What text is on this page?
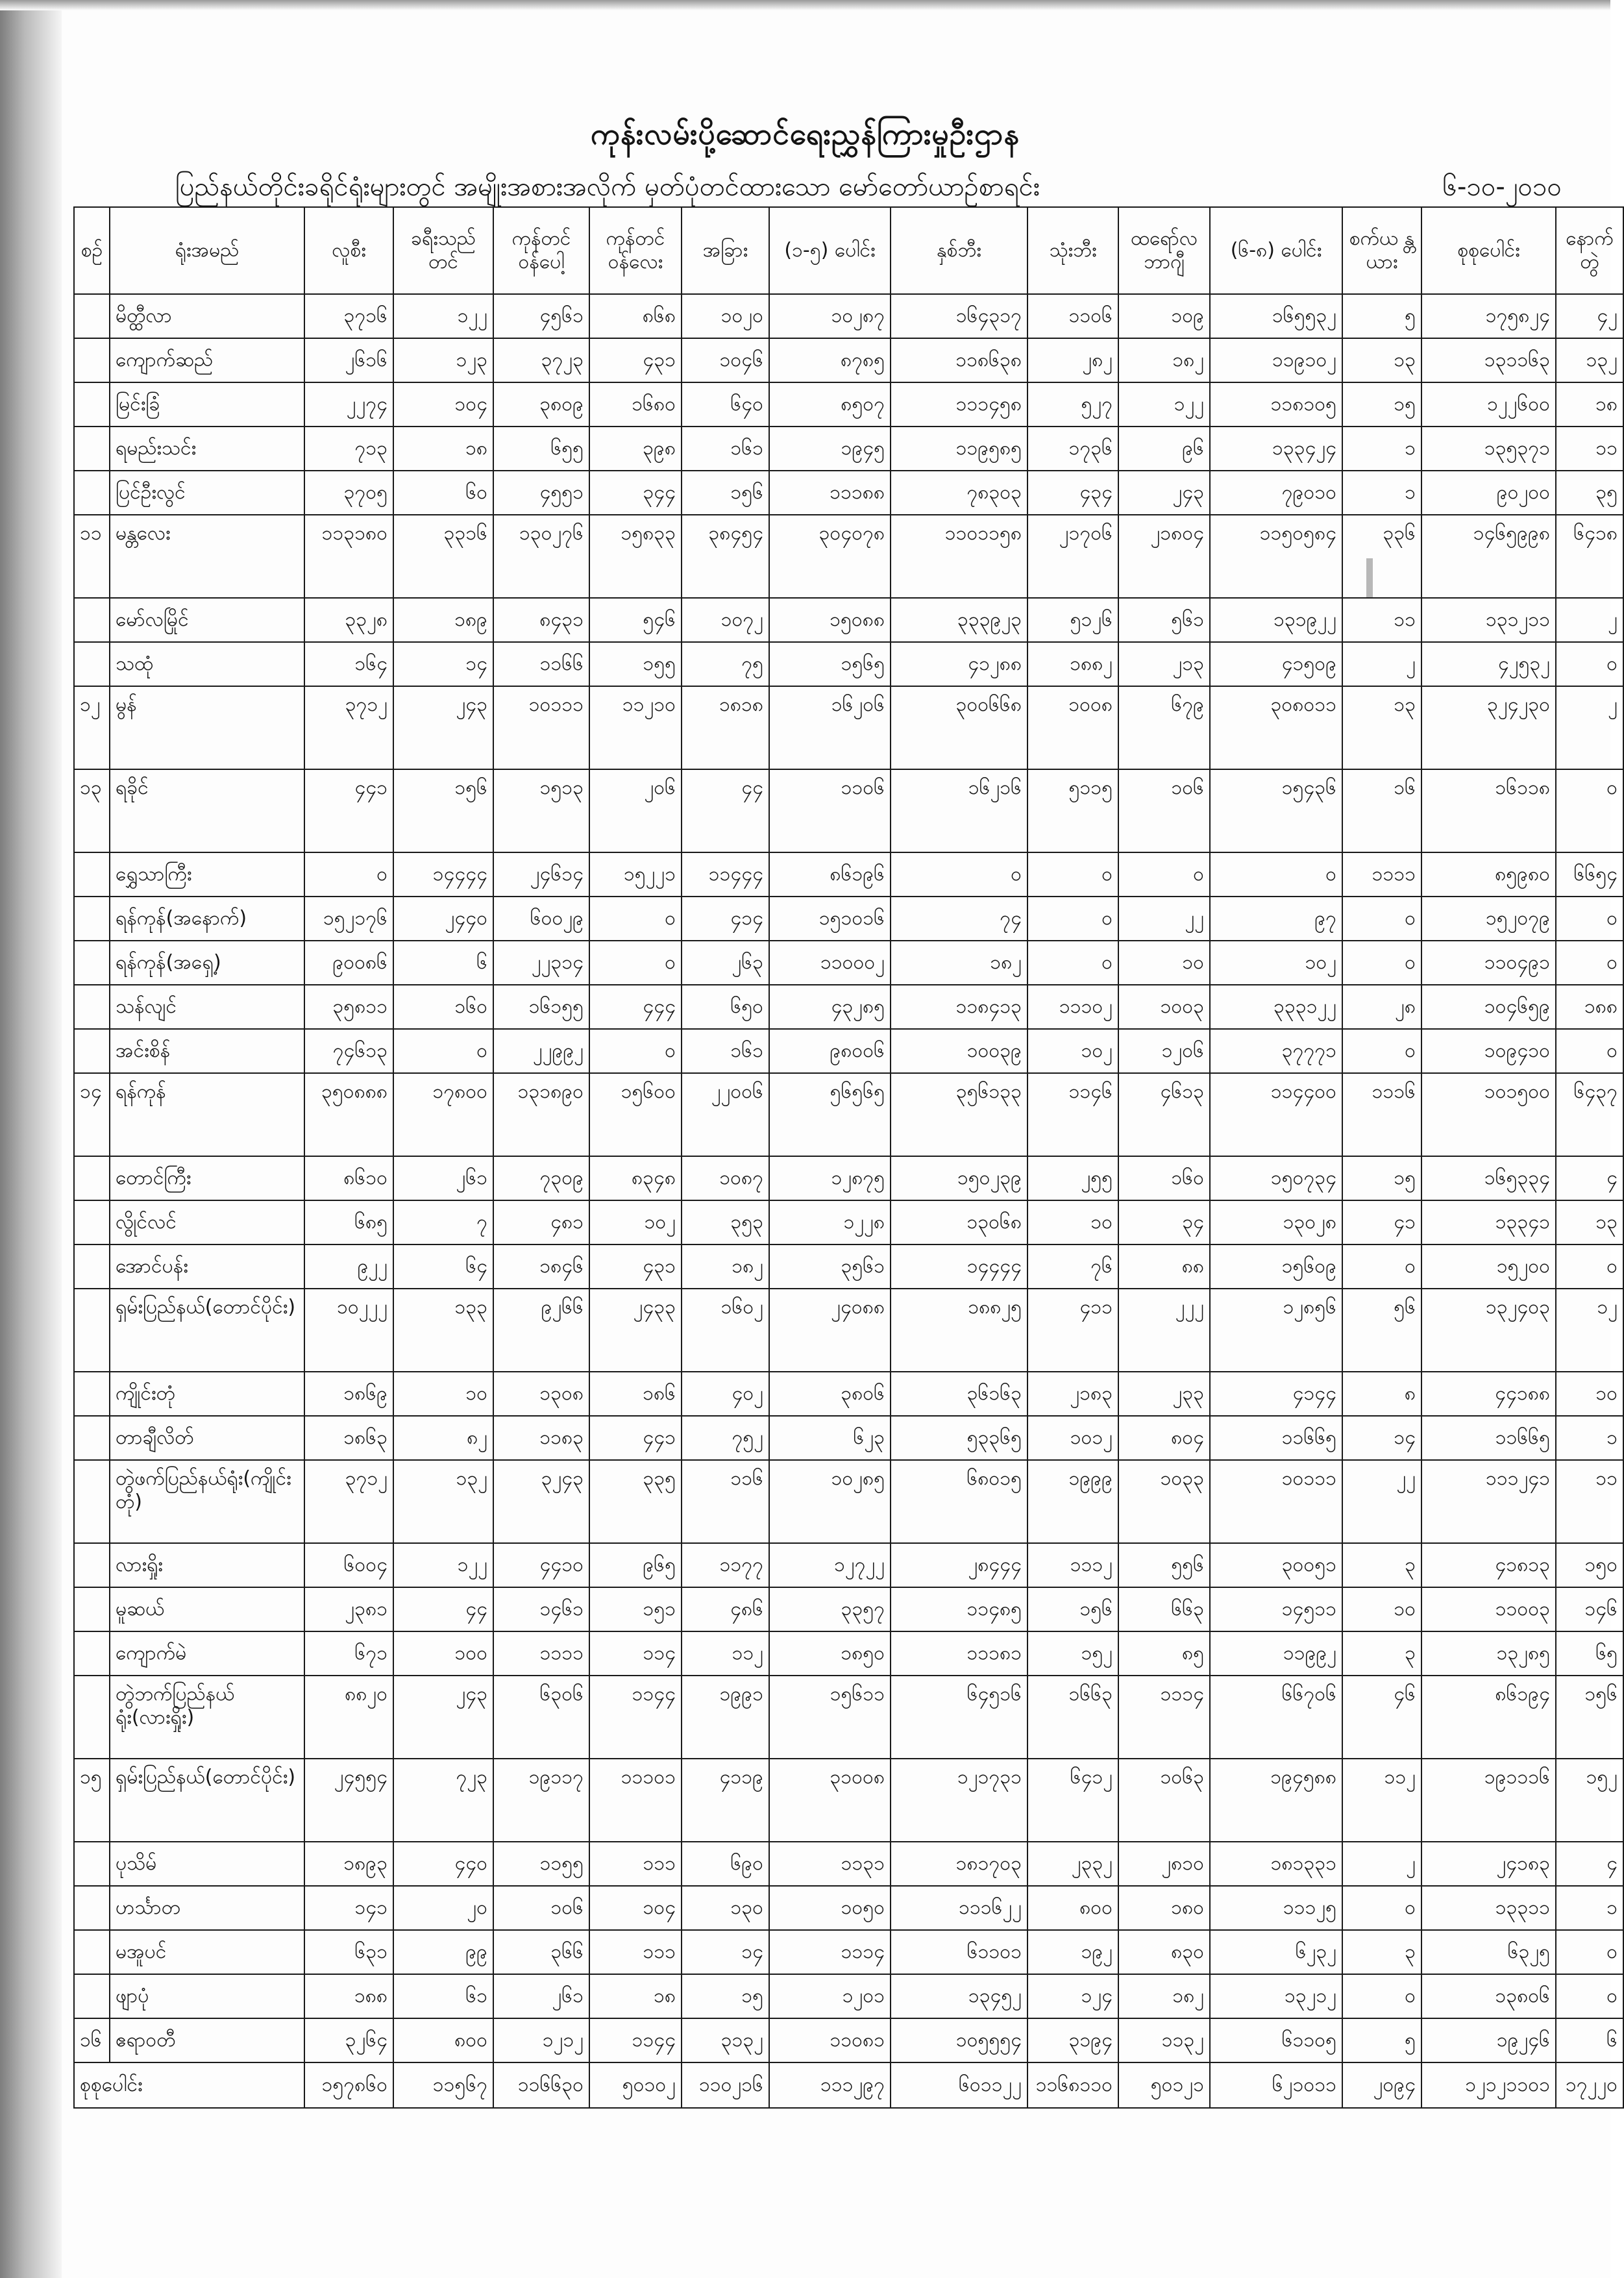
ကုန်းလမ်းပို့ဆောင်ရေးညွှန်ကြားမှုဦးဌာန
ပြည်နယ်တိုင်းခရိုင်ရုံးများတွင် အမျိုးအစားအလိုက် မှတ်ပုံတင်ထားသော မော်တော်ယာဉ်စာရင်း	၆-၁၀-၂၀၁၀
စဉ်	ရုံးအမည်	လူစီး	ခရီးသည် တင်	ကုန်တင် ဝန်ပေါ့	ကုန်တင် ဝန်လေး	အခြား	(၁-၅) ပေါင်း	နှစ်ဘီး	သုံးဘီး	ထရော်လ ဘာဂျီ	(၆-၈) ပေါင်း	စက်ယ န္တယား	စုစုပေါင်း	နောက်တွဲ
	မိတ္ထီလာ	၃၇၁၆	၁၂၂	၄၅၆၁	၈၆၈	၁၀၂၀	၁၀၂၈၇	၁၆၄၃၁၇	၁၁၀၆	၁၀၉	၁၆၅၅၃၂	၅	၁၇၅၈၂၄	၄၂
	ကျောက်ဆည်	၂၆၁၆	၁၂၃	၃၇၂၃	၄၃၁	၁၀၄၆	၈၇၈၅	၁၁၈၆၃၈	၂၈၂	၁၈၂	၁၁၉၁၀၂	၁၃	၁၃၁၁၆၃	၁၃၂
	မြင်းခြံ	၂၂၇၄	၁၀၄	၃၈၀၉	၁၆၈၀	၆၄၀	၈၅၀၇	၁၁၁၄၅၈	၅၂၇	၁၂၂	၁၁၈၁၀၅	၁၅	၁၂၂၆၀၀	၁၈
	ရမည်းသင်း	၇၁၃	၁၈	၆၅၅	၃၉၈	၁၆၁	၁၉၄၅	၁၁၉၅၈၅	၁၇၃၆	၉၆	၁၃၃၄၂၄	၁	၁၃၅၃၇၁	၁၁
	ပြင်ဦးလွင်	၃၇၀၅	၆၀	၄၅၅၁	၃၄၄	၁၅၆	၁၁၁၈၈	၇၈၃၀၃	၄၃၄	၂၄၃	၇၉၀၁၀	၁	၉၀၂၀၀	၃၅
၁၁	မန္တလေး	၁၁၃၁၈၀	၃၃၁၆	၁၃၀၂၇၆	၁၅၈၃၃	၃၈၄၅၄	၃၀၄၀၇၈	၁၁၀၁၁၅၈	၂၁၇၀၆	၂၁၈၀၄	၁၁၅၀၅၈၄	၃၃၆	၁၄၆၅၉၉၈	၆၄၁၈
	မော်လမြိုင်	၃၃၂၈	၁၈၉	၈၄၃၁	၅၄၆	၁၀၇၂	၁၅၀၈၈	၃၃၃၉၂၃	၅၁၂၆	၅၆၁	၁၃၁၉၂၂	၁၁	၁၃၁၂၁၁	၂
	သထုံ	၁၆၄	၁၄	၁၁၆၆	၁၅၅	၇၅	၁၅၆၅	၄၁၂၈၈	၁၈၈၂	၂၁၃	၄၁၅၀၉	၂	၄၂၅၃၂	၀
၁၂	မွန်	၃၇၁၂	၂၄၃	၁၀၁၁၁	၁၁၂၁၀	၁၈၁၈	၁၆၂၀၆	၃၀၀၆၆၈	၁၀၀၈	၆၇၉	၃၀၈၀၁၁	၁၃	၃၂၄၂၃၀	၂
၁၃	ရခိုင်	၄၄၁	၁၅၆	၁၅၁၃	၂၀၆	၄၄	၁၁၀၆	၁၆၂၁၆	၅၁၁၅	၁၀၆	၁၅၄၃၆	၁၆	၁၆၁၁၈	၀
	ရွှေသာကြီး	၀	၁၄၄၄၄	၂၄၆၁၄	၁၅၂၂၁	၁၁၄၄၄	၈၆၁၉၆	၀	၀	၀	၀	၁၁၁၁	၈၅၉၈၀	၆၆၅၄
	ရန်ကုန်(အနောက်)	၁၅၂၁၇၆	၂၄၄၀	၆၀၀၂၉	၀	၄၁၄	၁၅၁၀၁၆	၇၄	၀	၂၂	၉၇	၀	၁၅၂၀၇၉	၀
	ရန်ကုန်(အရှေ့)	၉၀၀၈၆	၆	၂၂၃၁၄	၀	၂၆၃	၁၁၀၀၀၂	၁၈၂	၀	၁၀	၁၀၂	၀	၁၁၀၄၉၁	၀
	သန်လျင်	၃၅၈၁၁	၁၆၀	၁၆၁၅၅	၄၄၄	၆၅၀	၄၃၂၈၅	၁၁၈၄၁၃	၁၁၁၀၂	၁၀၀၃	၃၃၃၁၂၂	၂၈	၁၀၄၆၅၉	၁၈၈
	အင်းစိန်	၇၄၆၁၃	၀	၂၂၉၉၂	၀	၁၆၁	၉၈၀၀၆	၁၀၀၃၉	၁၀၂	၁၂၀၆	၃၇၇၇၁	၀	၁၀၉၄၁၀	၀
၁၄	ရန်ကုန်	၃၅၀၈၈၈	၁၇၈၀၀	၁၃၁၈၉၀	၁၅၆၀၀	၂၂၀၀၆	၅၆၅၆၅	၃၅၆၁၃၃	၁၁၄၆	၄၆၁၃	၁၁၄၄၀၀	၁၁၁၆	၁၀၁၅၀၀	၆၄၃၇
	တောင်ကြီး	၈၆၁၀	၂၆၁	၇၃၀၉	၈၃၄၈	၁၀၈၇	၁၂၈၇၅	၁၅၀၂၃၉	၂၅၅	၁၆၀	၁၅၀၇၃၄	၁၅	၁၆၅၃၃၄	၄
	လွိုင်လင်	၆၈၅	၇	၄၈၁	၁၀၂	၃၅၃	၁၂၂၈	၁၃၀၆၈	၁၀	၃၄	၁၃၀၂၈	၄၁	၁၃၃၄၁	၁၃
	အောင်ပန်း	၉၂၂	၆၄	၁၈၄၆	၄၃၁	၁၈၂	၃၅၆၁	၁၄၄၄၄	၇၆	၈၈	၁၅၆၀၉	၀	၁၅၂၀၀	၀
	ရှမ်းပြည်နယ်(တောင်ပိုင်း)	၁၀၂၂၂	၁၃၃	၉၂၆၆	၂၄၃၃	၁၆၀၂	၂၄၀၈၈	၁၈၈၂၅	၄၁၁	၂၂၂	၁၂၈၅၆	၅၆	၁၃၂၄၀၃	၁၂
	ကျိုင်းတုံ	၁၈၆၉	၁၀	၁၃၀၈	၁၈၆	၄၀၂	၃၈၀၆	၃၆၁၆၃	၂၁၈၃	၂၃၃	၄၁၄၄	၈	၄၄၁၈၈	၁၀
	တာချီလိတ်	၁၈၆၃	၈၂	၁၁၈၃	၄၄၁	၇၅၂	၆၂၃	၅၃၃၆၅	၁၀၁၂	၈၀၄	၁၁၆၆၅	၁၄	၁၁၆၆၅	၁
	တွဲဖက်ပြည်နယ်ရုံး(ကျိုင်းတုံ)	၃၇၁၂	၁၃၂	၃၂၄၃	၃၃၅	၁၁၆	၁၀၂၈၅	၆၈၀၁၅	၁၉၉၉	၁၀၃၃	၁၀၁၁၁	၂၂	၁၁၁၂၄၁	၁၁
	လားရှိုး	၆၀၀၄	၁၂၂	၄၄၁၀	၉၆၅	၁၁၇၇	၁၂၇၂၂	၂၈၄၄၄	၁၁၁၂	၅၅၆	၃၀၀၅၁	၃	၄၁၈၁၃	၁၅၀
	မူဆယ်	၂၃၈၁	၄၄	၁၄၆၁	၁၅၁	၄၈၆	၃၃၅၇	၁၁၄၈၅	၁၅၆	၆၆၃	၁၄၅၁၁	၁၀	၁၁၀၀၃	၁၄၆
	ကျောက်မဲ	၆၇၁	၁၀၀	၁၁၁၁	၁၁၄	၁၁၂	၁၈၅၀	၁၁၁၈၁	၁၅၂	၈၅	၁၁၉၉၂	၃	၁၃၂၈၅	၆၅
	တွဲဘက်ပြည်နယ်ရုံး(လားရှိုး)	၈၈၂၀	၂၄၃	၆၃၀၆	၁၁၄၄	၁၉၉၁	၁၅၆၁၁	၆၄၅၁၆	၁၆၆၃	၁၁၁၄	၆၆၇၀၆	၄၆	၈၆၁၉၄	၁၅၆
၁၅	ရှမ်းပြည်နယ်(တောင်ပိုင်း)	၂၄၅၅၄	၇၂၃	၁၉၁၁၇	၁၁၁၀၁	၄၁၁၉	၃၁၀၀၈	၁၂၁၇၃၁	၆၄၁၂	၁၀၆၃	၁၉၄၅၈၈	၁၁၂	၁၉၁၁၁၆	၁၅၂
	ပုသိမ်	၁၈၉၃	၄၄၀	၁၁၅၅	၁၁၁	၆၉၀	၁၁၃၁	၁၈၁၇၀၃	၂၃၃၂	၂၈၁၀	၁၈၁၃၃၁	၂	၂၄၁၈၃	၄
	ဟင်္သာတ	၁၄၁	၂၀	၁၀၆	၁၀၄	၁၃၀	၁၀၅၀	၁၁၁၆၂၂	၈၀၀	၁၈၀	၁၁၁၂၅	၀	၁၃၃၁၁	၁
	မအူပင်	၆၃၁	၉၉	၃၆၆	၁၁၁	၁၄	၁၁၁၄	၆၁၁၀၁	၁၉၂	၈၃၀	၆၂၃၂	၃	၆၃၂၅	၀
	ဖျာပုံ	၁၈၈	၆၁	၂၆၁	၁၈	၁၅	၁၂၀၁	၁၃၄၅၂	၁၂၄	၁၈၂	၁၃၂၁၂	၀	၁၃၈၀၆	၀
၁၆	ဧရာဝတီ	၃၂၆၄	၈၀၀	၁၂၁၂	၁၁၄၄	၃၁၃၂	၁၁၀၈၁	၁၀၅၅၅၄	၃၁၉၄	၁၁၃၂	၆၁၁၀၅	၅	၁၉၂၄၆	၆
စုစုပေါင်း		၁၅၇၈၆၀	၁၁၅၆၇	၁၁၆၆၃၀	၅၀၁၀၂	၁၁၀၂၁၆	၁၁၁၂၉၇	၆၀၁၁၂၂	၁၁၆၈၁၁၀	၅၀၁၂၁	၆၂၁၀၁၁	၂၀၉၄	၁၂၁၂၁၁၀၁	၁၇၂၂၀
